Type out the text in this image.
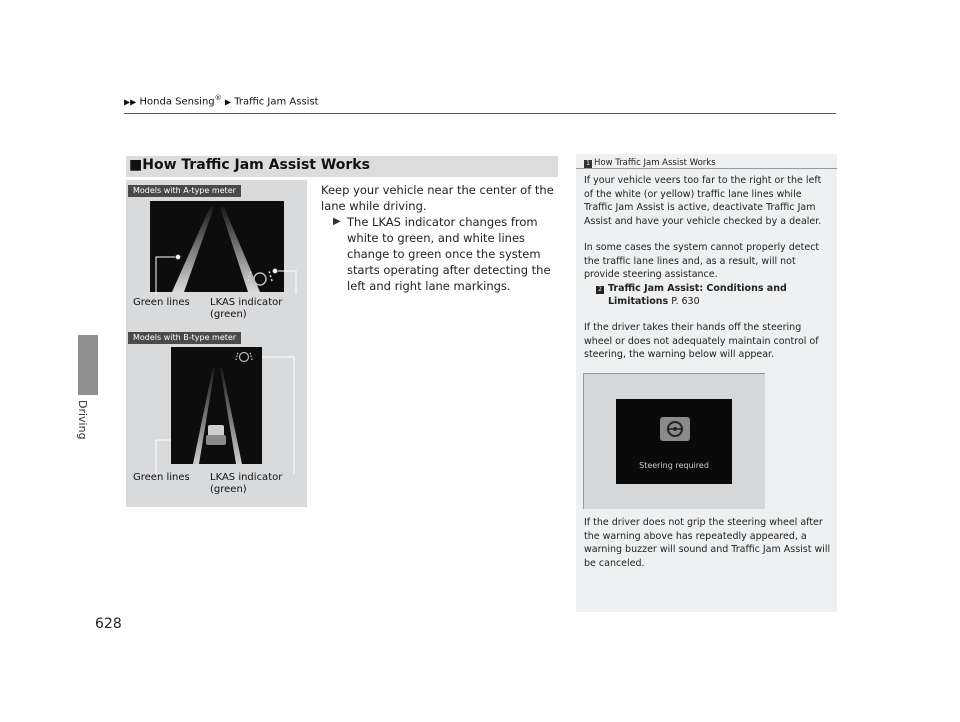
▶▶ Honda Sensing® ▶ Traffic Jam Assist
Driving
628
■How Traffic Jam Assist Works
Models with A-type meter
Green lines LKAS indicator
(green)
Models with B-type meter
Green lines LKAS indicator
(green)

Keep your vehicle near the center of the lane while driving.

▶ The LKAS indicator changes from white to green, and white lines change to green once the system starts operating after detecting the left and right lane markings.
1 How Traffic Jam Assist Works
If your vehicle veers too far to the right or the left of the white (or yellow) traffic lane lines while Traffic Jam Assist is active, deactivate Traffic Jam Assist and have your vehicle checked by a dealer.
In some cases the system cannot properly detect the traffic lane lines and, as a result, will not provide steering assistance.
2 Traffic Jam Assist: Conditions and
Limitations P. 630
If the driver takes their hands off the steering wheel or does not adequately maintain control of steering, the warning below will appear.
Steering required
If the driver does not grip the steering wheel after the warning above has repeatedly appeared, a warning buzzer will sound and Traffic Jam Assist will be canceled.
